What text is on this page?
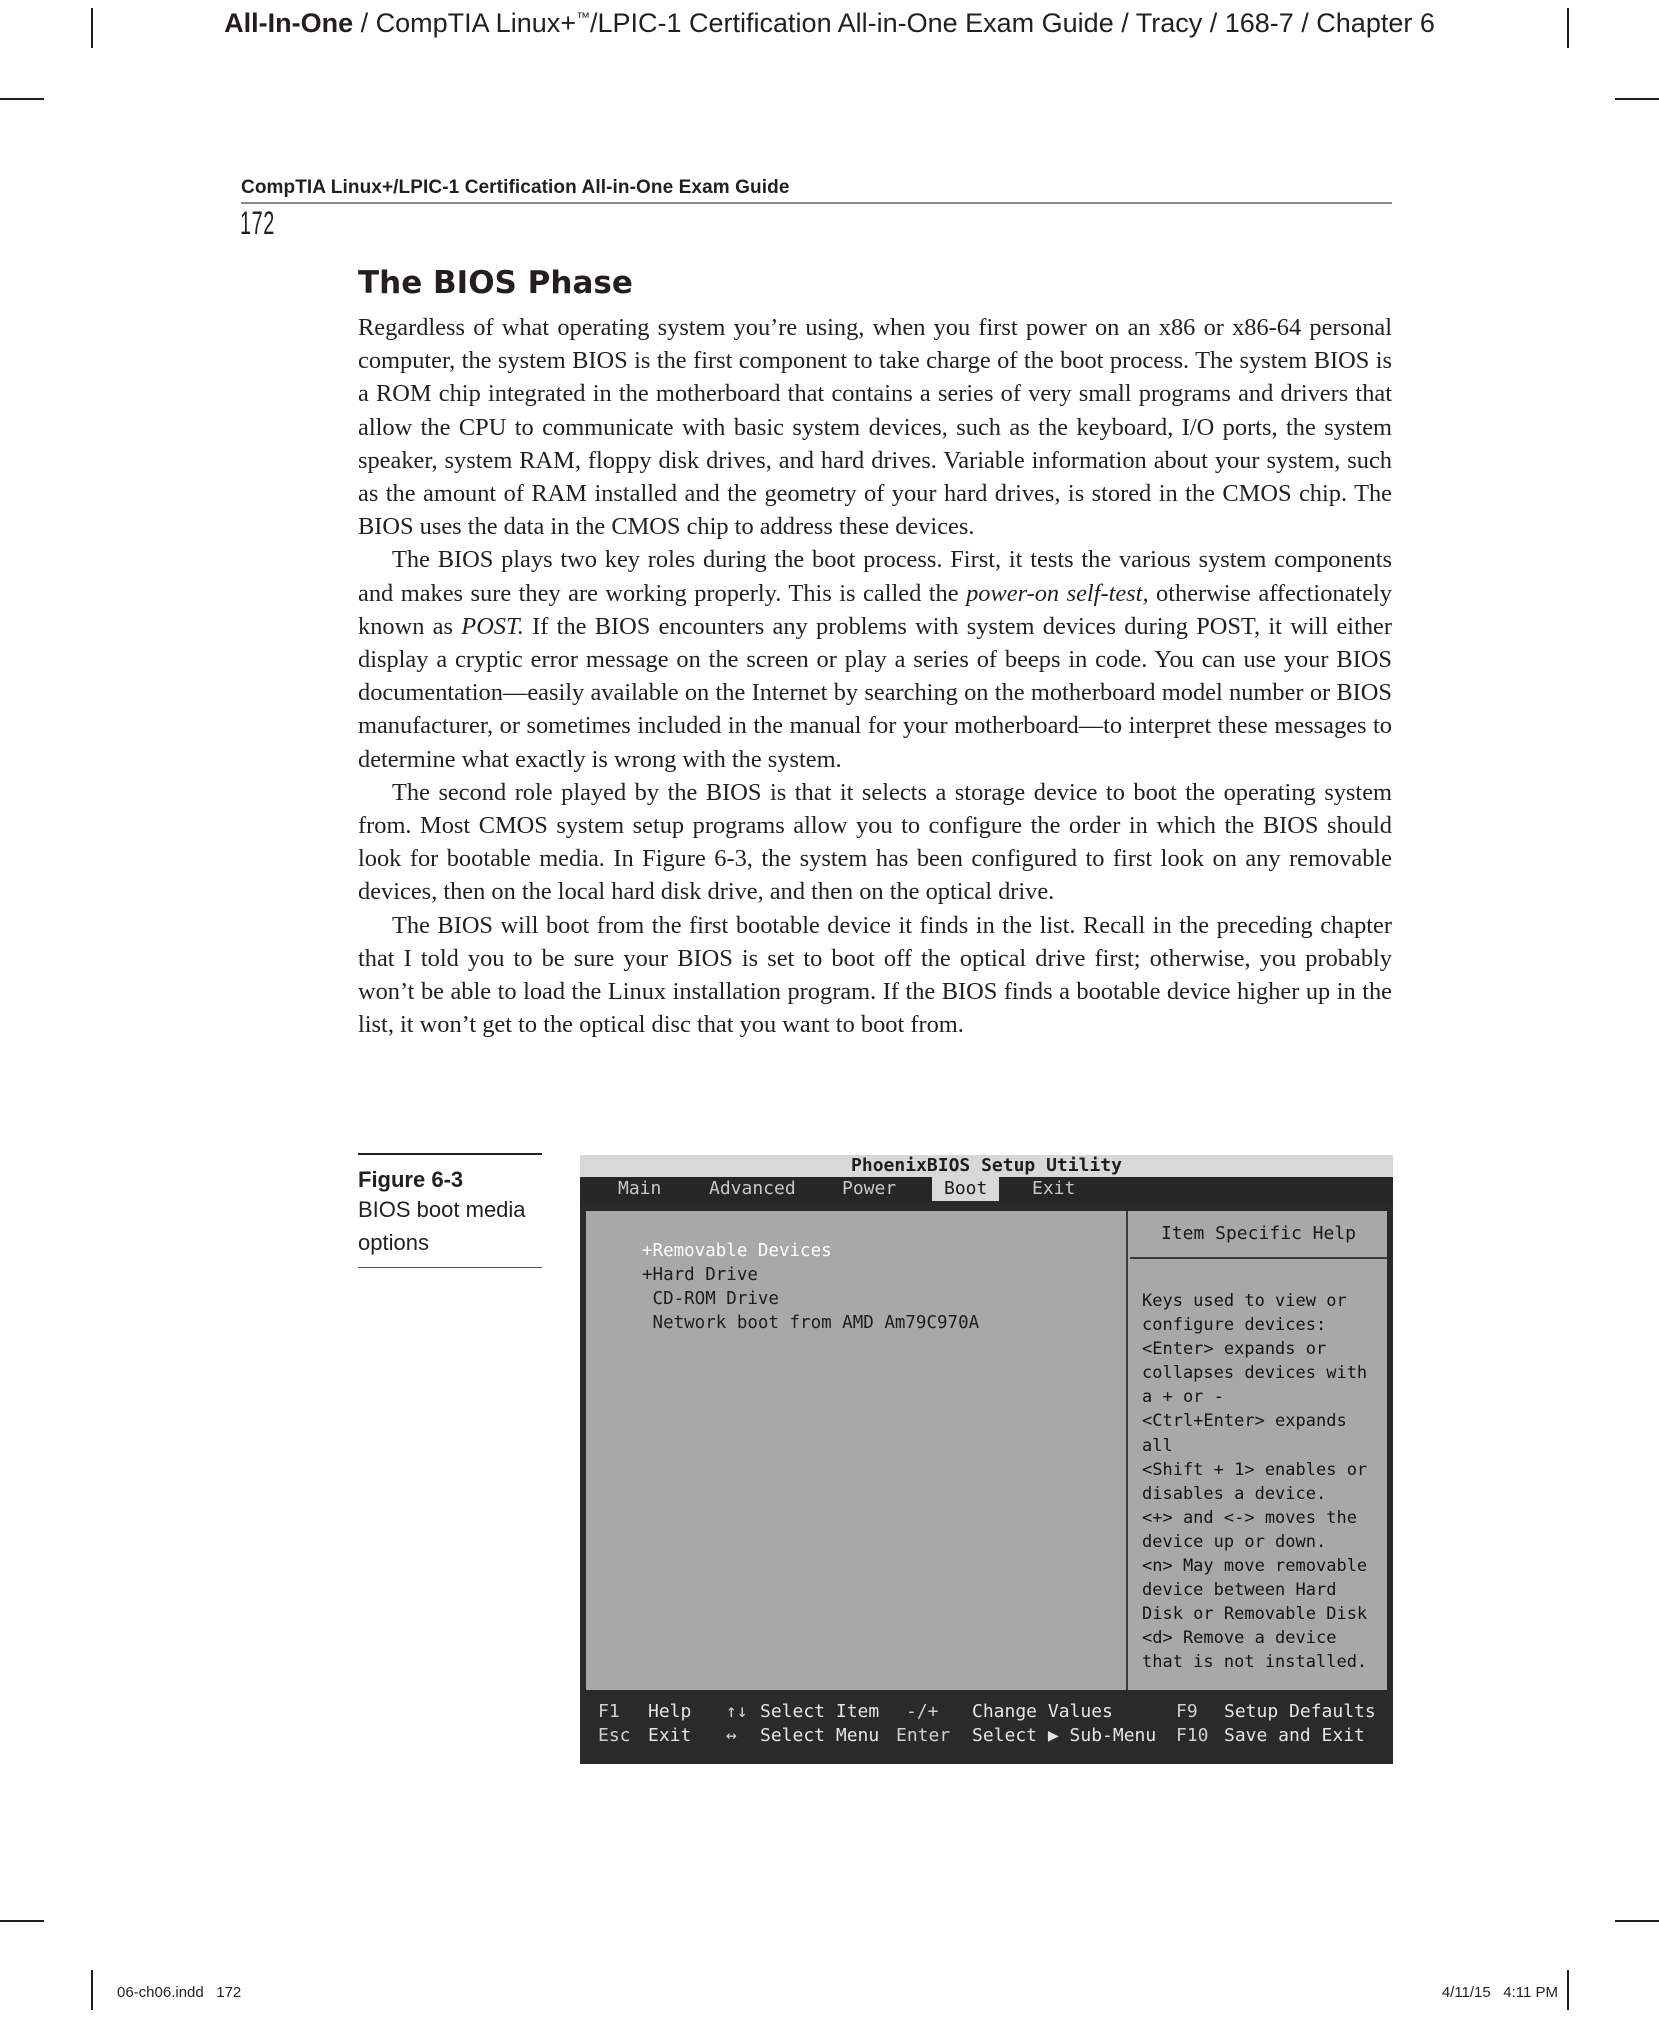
All-In-One / CompTIA Linux+™/LPIC-1 Certification All-in-One Exam Guide / Tracy / 168-7 / Chapter 6
CompTIA Linux+/LPIC-1 Certification All-in-One Exam Guide
172
The BIOS Phase

Regardless of what operating system you’re using, when you first power on an x86 or x86-64 personal computer, the system BIOS is the first component to take charge of the boot process. The system BIOS is a ROM chip integrated in the motherboard that contains a series of very small programs and drivers that allow the CPU to communicate with basic system devices, such as the keyboard, I/O ports, the system speaker, system RAM, floppy disk drives, and hard drives. Variable information about your system, such as the amount of RAM installed and the geometry of your hard drives, is stored in the CMOS chip. The BIOS uses the data in the CMOS chip to address these devices.

The BIOS plays two key roles during the boot process. First, it tests the various system components and makes sure they are working properly. This is called the power-on self-test, otherwise affectionately known as POST. If the BIOS encounters any problems with system devices during POST, it will either display a cryptic error message on the screen or play a series of beeps in code. You can use your BIOS documentation—easily available on the Internet by searching on the motherboard model number or BIOS manufacturer, or sometimes included in the manual for your motherboard—to interpret these messages to determine what exactly is wrong with the system.

The second role played by the BIOS is that it selects a storage device to boot the operating system from. Most CMOS system setup programs allow you to configure the order in which the BIOS should look for bootable media. In Figure 6-3, the system has been configured to first look on any removable devices, then on the local hard disk drive, and then on the optical drive.

The BIOS will boot from the first bootable device it finds in the list. Recall in the preceding chapter that I told you to be sure your BIOS is set to boot off the optical drive first; otherwise, you probably won’t be able to load the Linux installation program. If the BIOS finds a bootable device higher up in the list, it won’t get to the optical disc that you want to boot from.

Figure 6-3
BIOS boot media options
PhoenixBIOS Setup Utility
Main	Advanced	Power	Boot	Exit
+Removable Devices
+Hard Drive
CD-ROM Drive
Network boot from AMD Am79C970A
Item Specific Help
Keys used to view or
configure devices:
<Enter> expands or
collapses devices with
a + or -
<Ctrl+Enter> expands
all
<Shift + 1> enables or
disables a device.
<+> and <-> moves the
device up or down.
<n> May move removable
device between Hard
Disk or Removable Disk
<d> Remove a device
that is not installed.
F1 Help ↑↓ Select Item -/+ Change Values	F9 Setup Defaults
Esc Exit ↔ Select Menu Enter Select ▶ Sub-Menu F10 Save and Exit
06-ch06.indd   172	4/11/15   4:11 PM
